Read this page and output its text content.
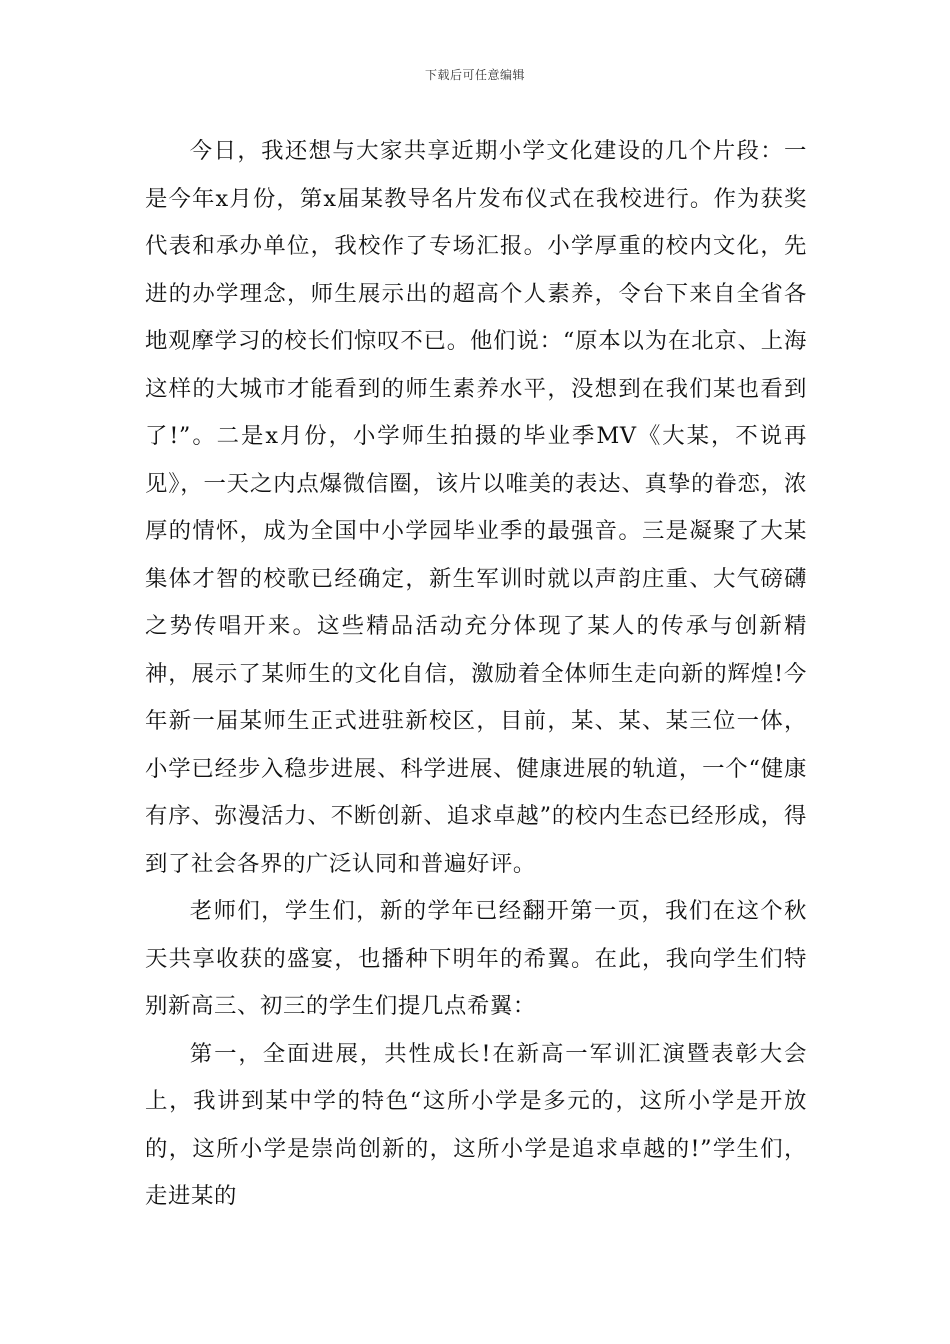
下载后可任意编辑

今日，我还想与大家共享近期小学文化建设的几个片段：一是今年x月份，第x届某教导名片发布仪式在我校进行。作为获奖代表和承办单位，我校作了专场汇报。小学厚重的校内文化，先进的办学理念，师生展示出的超高个人素养，令台下来自全省各地观摩学习的校长们惊叹不已。他们说：“原本以为在北京、上海这样的大城市才能看到的师生素养水平，没想到在我们某也看到了!”。二是x月份，小学师生拍摄的毕业季MV《大某，不说再见》，一天之内点爆微信圈，该片以唯美的表达、真挚的眷恋，浓厚的情怀，成为全国中小学园毕业季的最强音。三是凝聚了大某集体才智的校歌已经确定，新生军训时就以声韵庄重、大气磅礴之势传唱开来。这些精品活动充分体现了某人的传承与创新精神，展示了某师生的文化自信，激励着全体师生走向新的辉煌!今年新一届某师生正式进驻新校区，目前，某、某、某三位一体，小学已经步入稳步进展、科学进展、健康进展的轨道，一个“健康有序、弥漫活力、不断创新、追求卓越”的校内生态已经形成，得到了社会各界的广泛认同和普遍好评。

老师们，学生们，新的学年已经翻开第一页，我们在这个秋天共享收获的盛宴，也播种下明年的希翼。在此，我向学生们特别新高三、初三的学生们提几点希翼：

第一，全面进展，共性成长!在新高一军训汇演暨表彰大会上，我讲到某中学的特色“这所小学是多元的，这所小学是开放的，这所小学是崇尚创新的，这所小学是追求卓越的!”学生们，走进某的
